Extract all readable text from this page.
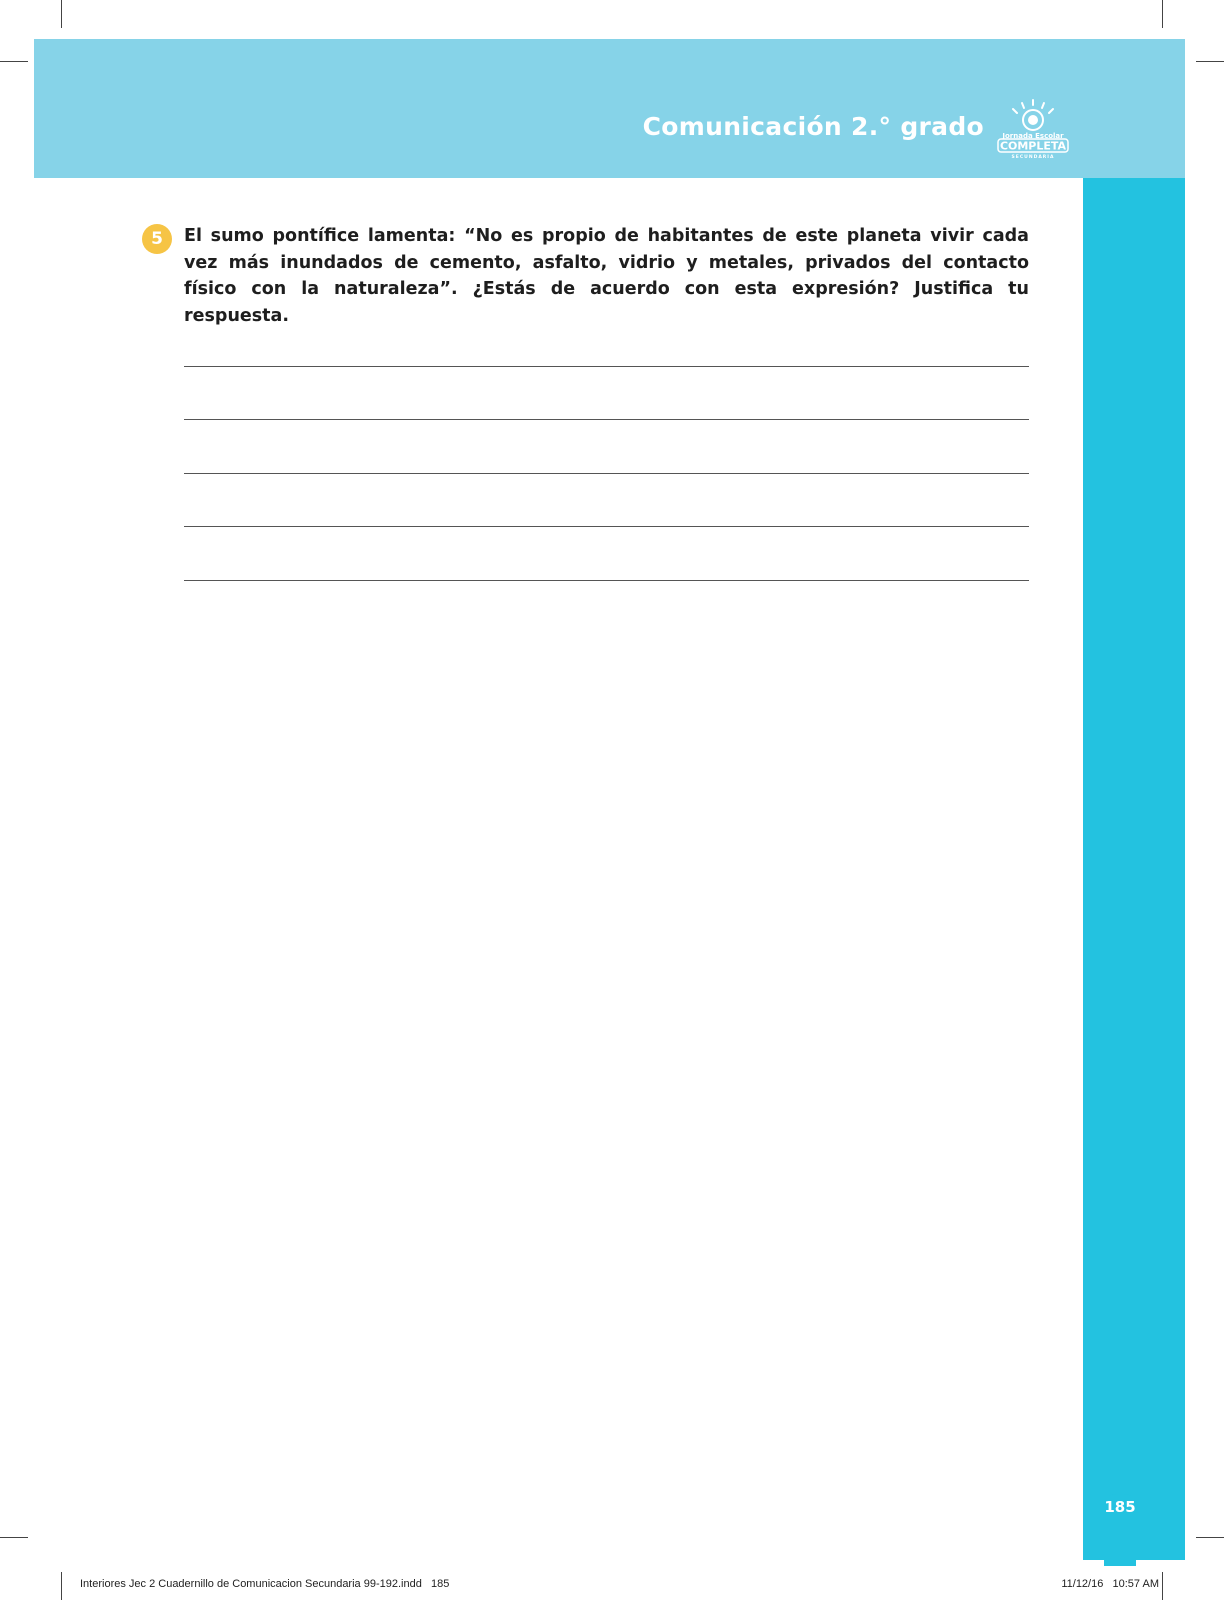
Comunicación 2.° grado	Jornada Escolar
COMPLETA
SECUNDARIA
185
5	El sumo pontífice lamenta: “No es propio de habitantes de este planeta vivir cada vez más inundados de cemento, asfalto, vidrio y metales, privados del contacto físico con la naturaleza”. ¿Estás de acuerdo con esta expresión? Justifica tu respuesta.

Interiores Jec 2 Cuadernillo de Comunicacion Secundaria 99-192.indd   185	11/12/16   10:57 AM
